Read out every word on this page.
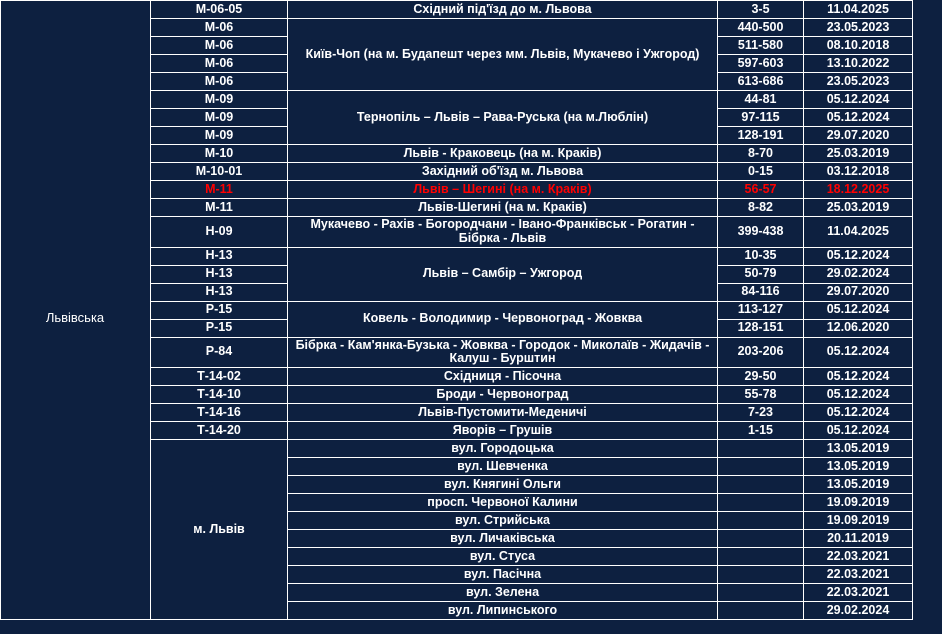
	М-06-05	Східний під'їзд до м. Львова	3-5	11.04.2025
	М-06	Київ-Чоп (на м. Будапешт через мм. Львів, Мукачево і Ужгород)	440-500	23.05.2023
	М-06		511-580	08.10.2018
	М-06		597-603	13.10.2022
	М-06		613-686	23.05.2023
	М-09	Тернопіль – Львів – Рава-Руська (на м.Люблін)	44-81	05.12.2024
	М-09		97-115	05.12.2024
	М-09		128-191	29.07.2020
	М-10	Львів - Краковець (на м. Краків)	8-70	25.03.2019
	М-10-01	Західний об'їзд м. Львова	0-15	03.12.2018
	М-11	Львів – Шегині (на м. Краків)	56-57	18.12.2025
	М-11	Львів-Шегині (на м. Краків)	8-82	25.03.2019
	Н-09	Мукачево - Рахів - Богородчани - Івано-Франківськ - Рогатин - Бібрка - Львів	399-438	11.04.2025
	Н-13	Львів – Самбір – Ужгород	10-35	05.12.2024
	Н-13		50-79	29.02.2024
	Н-13		84-116	29.07.2020
	Р-15	Ковель - Володимир - Червоноград - Жовква	113-127	05.12.2024
	Р-15		128-151	12.06.2020
	Р-84	Бібрка - Кам'янка-Бузька - Жовква - Городок - Миколаїв - Жидачів - Калуш - Бурштин	203-206	05.12.2024
	Т-14-02	Східниця - Пісочна	29-50	05.12.2024
	Т-14-10	Броди - Червоноград	55-78	05.12.2024
	Т-14-16	Львів-Пустомити-Меденичі	7-23	05.12.2024
	Т-14-20	Яворів – Грушів	1-15	05.12.2024
	м. Львів	вул. Городоцька		13.05.2019
		вул. Шевченка		13.05.2019
		вул. Княгині Ольги		13.05.2019
		просп. Червоної Калини		19.09.2019
		вул. Стрийська		19.09.2019
		вул. Личаківська		20.11.2019
		вул. Стуса		22.03.2021
		вул. Пасічна		22.03.2021
		вул. Зелена		22.03.2021
		вул. Липинського		29.02.2024
Львівська
